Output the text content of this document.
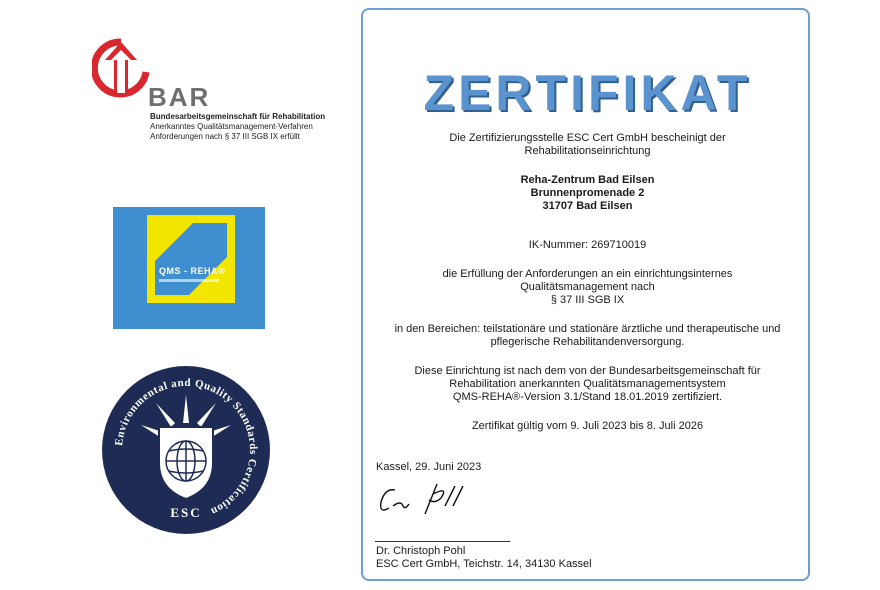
BAR
Bundesarbeitsgemeinschaft für Rehabilitation
Anerkanntes Qualitätsmanagement-Verfahren
Anforderungen nach § 37 III SGB IX erfüllt
QMS - REHA®
Environmental and Quality Standards Certification
ESC
ZERTIFIKAT
Die Zertifizierungsstelle ESC Cert GmbH bescheinigt der
Rehabilitationseinrichtung
Reha-Zentrum Bad Eilsen
Brunnenpromenade 2
31707 Bad Eilsen
IK-Nummer: 269710019
die Erfüllung der Anforderungen an ein einrichtungsinternes
Qualitätsmanagement nach
§ 37 III SGB IX
in den Bereichen: teilstationäre und stationäre ärztliche und therapeutische und
pflegerische Rehabilitandenversorgung.
Diese Einrichtung ist nach dem von der Bundesarbeitsgemeinschaft für
Rehabilitation anerkannten Qualitätsmanagementsystem
QMS-REHA®-Version 3.1/Stand 18.01.2019 zertifiziert.
Zertifikat gültig vom 9. Juli 2023 bis 8. Juli 2026
Kassel, 29. Juni 2023
Dr. Christoph Pohl
ESC Cert GmbH, Teichstr. 14, 34130 Kassel
